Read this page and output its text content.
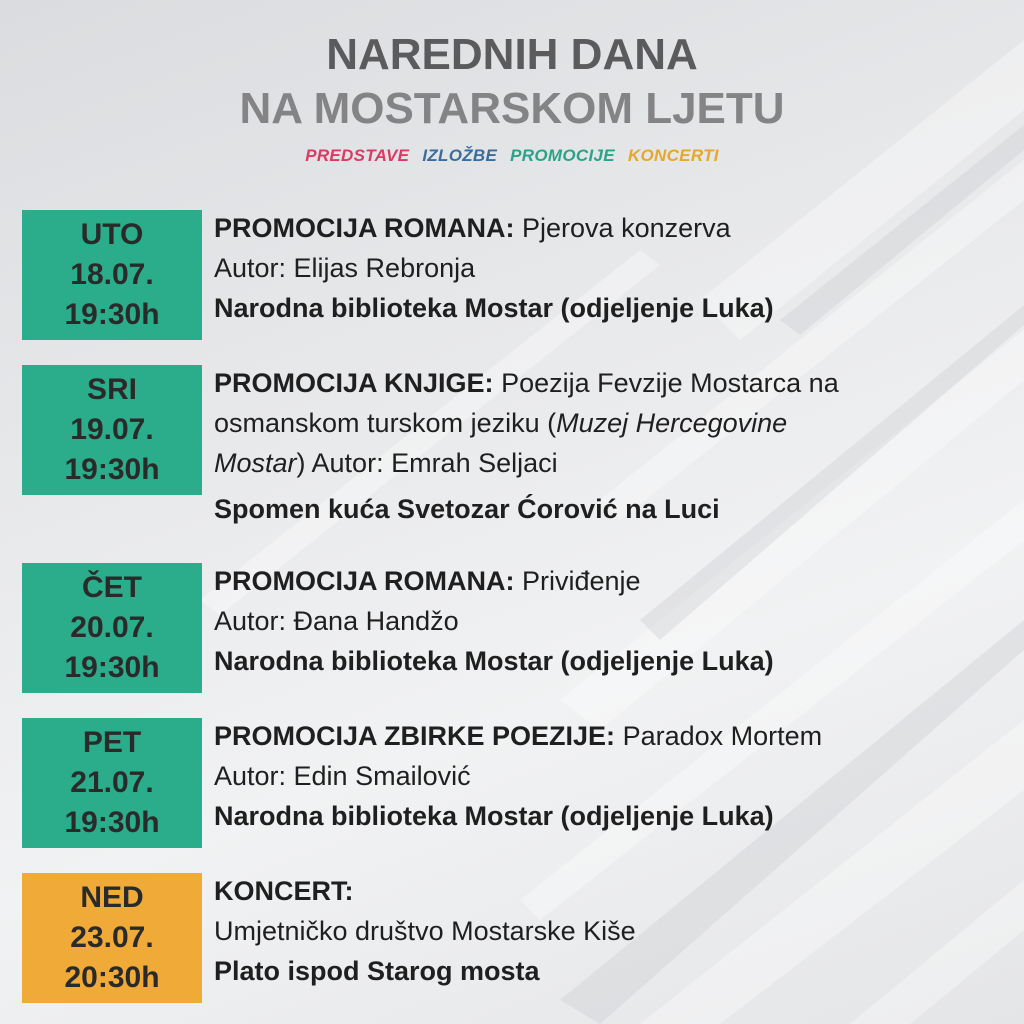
NAREDNIH DANA
NA MOSTARSKOM LJETU
PREDSTAVE IZLOŽBE PROMOCIJE KONCERTI
UTO
18.07.
19:30h
PROMOCIJA ROMANA: Pjerova konzerva
Autor: Elijas Rebronja
Narodna biblioteka Mostar (odjeljenje Luka)
SRI
19.07.
19:30h
PROMOCIJA KNJIGE: Poezija Fevzije Mostarca na
osmanskom turskom jeziku (Muzej Hercegovine
Mostar) Autor: Emrah Seljaci
Spomen kuća Svetozar Ćorović na Luci
ČET
20.07.
19:30h
PROMOCIJA ROMANA: Priviđenje
Autor: Đana Handžo
Narodna biblioteka Mostar (odjeljenje Luka)
PET
21.07.
19:30h
PROMOCIJA ZBIRKE POEZIJE: Paradox Mortem
Autor: Edin Smailović
Narodna biblioteka Mostar (odjeljenje Luka)
NED
23.07.
20:30h
KONCERT:
Umjetničko društvo Mostarske Kiše
Plato ispod Starog mosta
